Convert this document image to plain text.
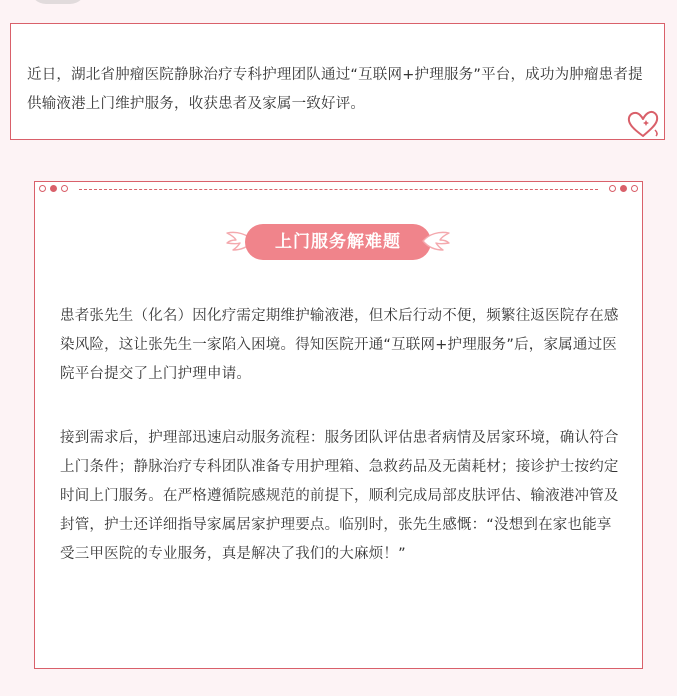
近日，湖北省肿瘤医院静脉治疗专科护理团队通过“互联网+护理服务”平台，成功为肿瘤患者提供输液港上门维护服务，收获患者及家属一致好评。

上门服务解难题

患者张先生（化名）因化疗需定期维护输液港，但术后行动不便，频繁往返医院存在感染风险，这让张先生一家陷入困境。得知医院开通“互联网+护理服务”后，家属通过医院平台提交了上门护理申请。

接到需求后，护理部迅速启动服务流程：服务团队评估患者病情及居家环境，确认符合上门条件；静脉治疗专科团队准备专用护理箱、急救药品及无菌耗材；接诊护士按约定时间上门服务。在严格遵循院感规范的前提下，顺利完成局部皮肤评估、输液港冲管及封管，护士还详细指导家属居家护理要点。临别时，张先生感慨：“没想到在家也能享受三甲医院的专业服务，真是解决了我们的大麻烦！”
